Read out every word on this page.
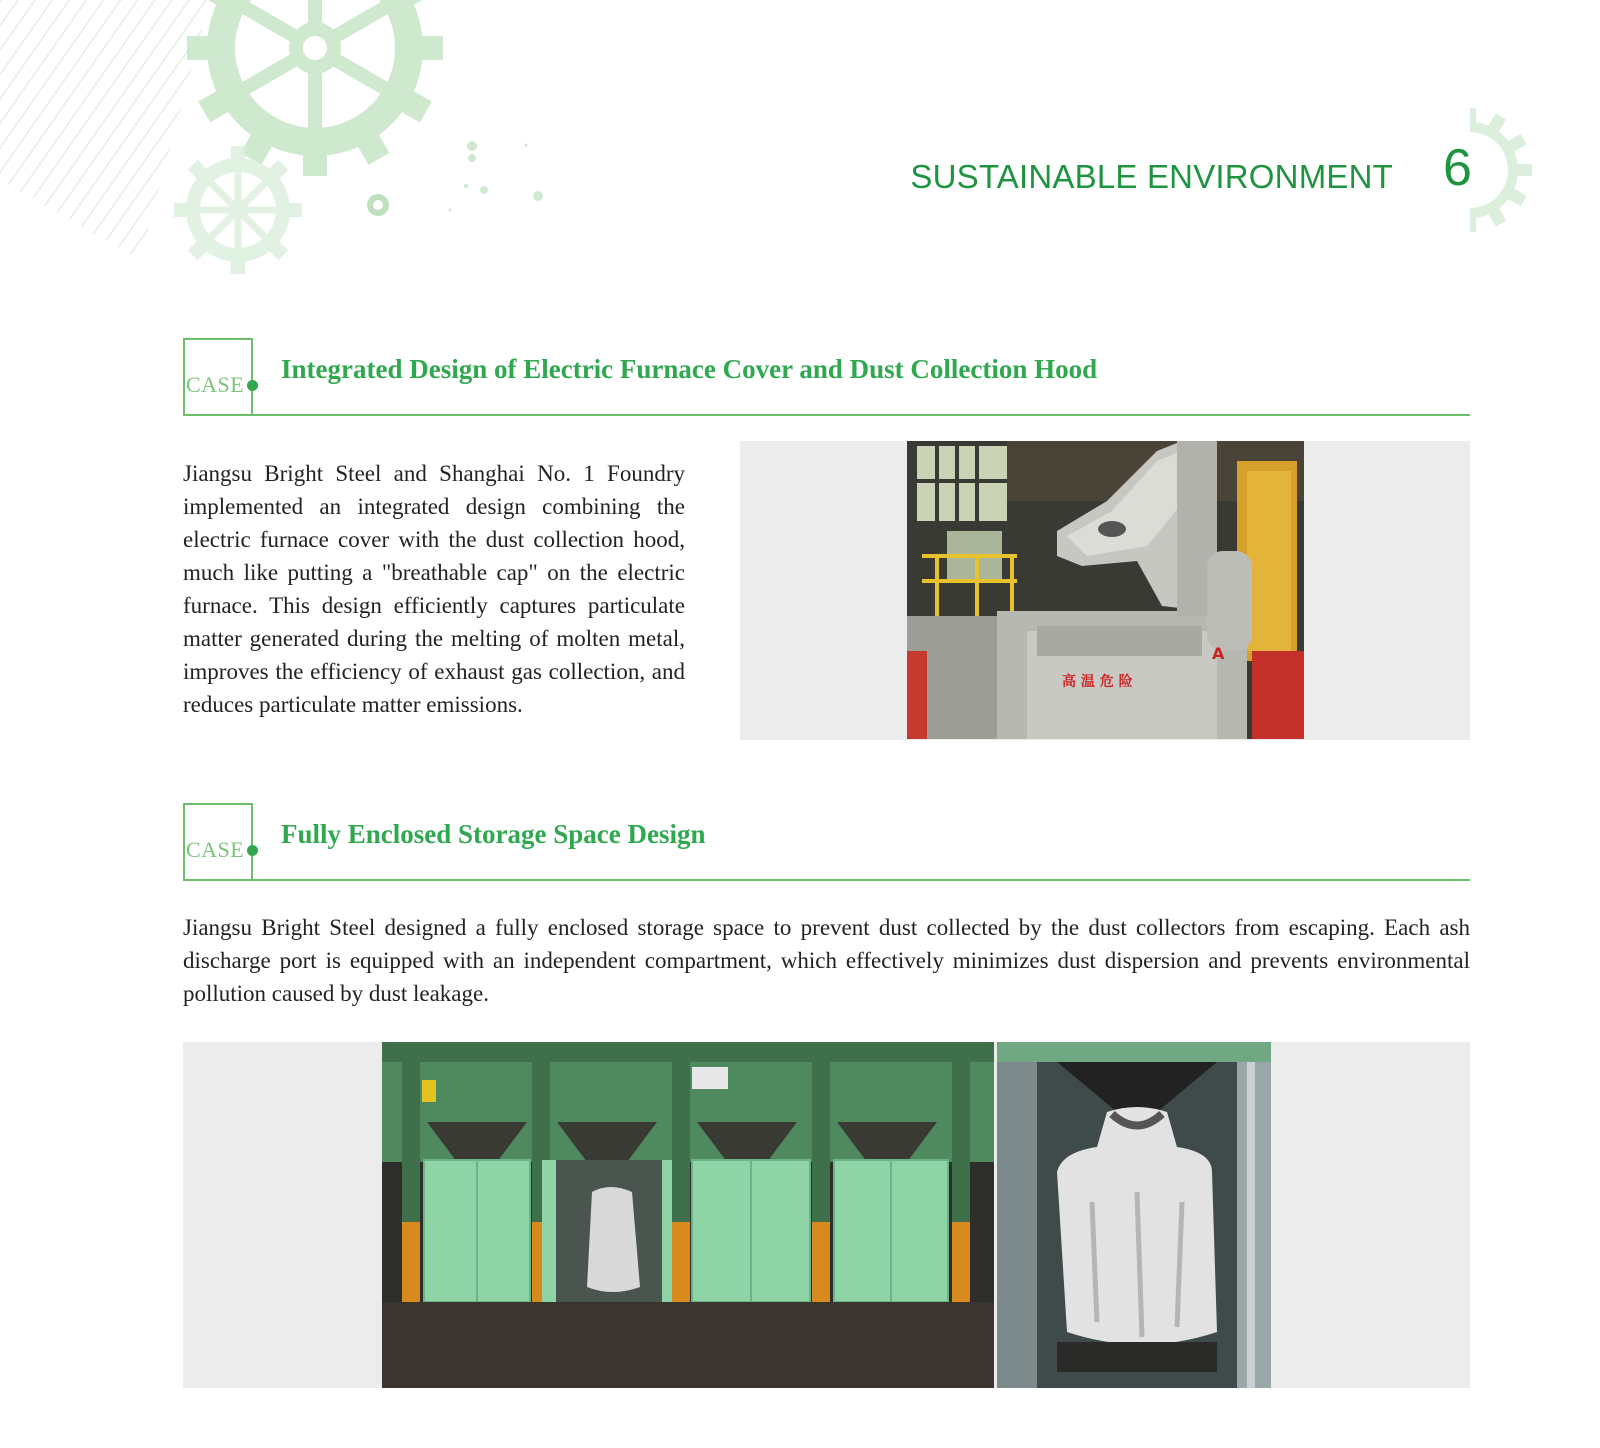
SUSTAINABLE ENVIRONMENT 6
CASE
Integrated Design of Electric Furnace Cover and Dust Collection Hood

Jiangsu Bright Steel and Shanghai No. 1 Foundry implemented an integrated design combining the electric furnace cover with the dust collection hood, much like putting a "breathable cap" on the electric furnace. This design efficiently captures particulate matter generated during the melting of molten metal, improves the efficiency of exhaust gas collection, and reduces particulate matter emissions.

高 温 危 险
A
CASE
Fully Enclosed Storage Space Design

Jiangsu Bright Steel designed a fully enclosed storage space to prevent dust collected by the dust collectors from escaping. Each ash discharge port is equipped with an independent compartment, which effectively minimizes dust dispersion and prevents environmental pollution caused by dust leakage.
